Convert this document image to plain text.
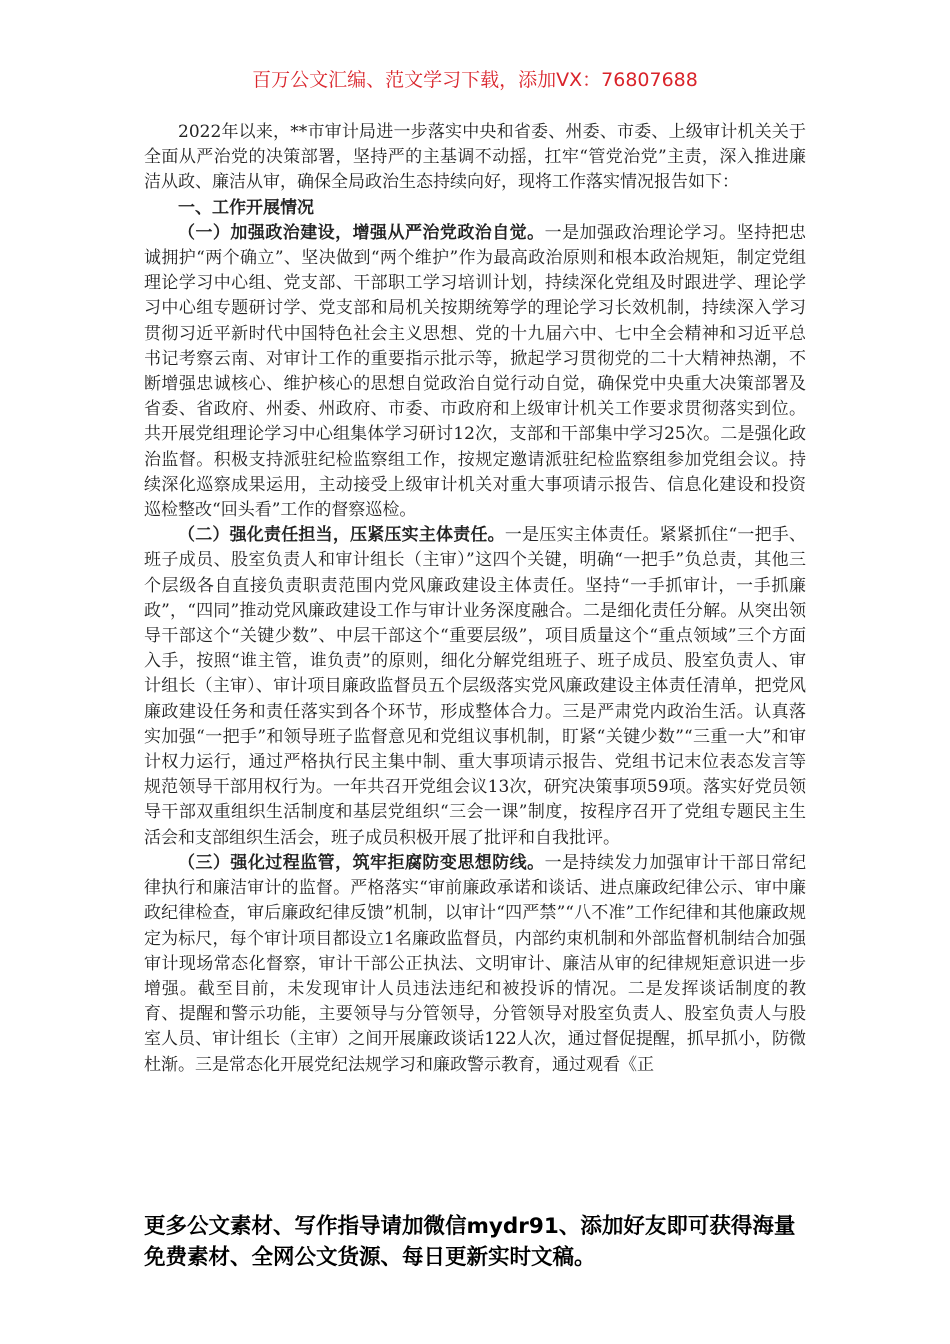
百万公文汇编、范文学习下载，添加VX：76807688

2022年以来，**市审计局进一步落实中央和省委、州委、市委、上级审计机关关于全面从严治党的决策部署，坚持严的主基调不动摇，扛牢“管党治党”主责，深入推进廉洁从政、廉洁从审，确保全局政治生态持续向好，现将工作落实情况报告如下：

一、工作开展情况

（一）加强政治建设，增强从严治党政治自觉。一是加强政治理论学习。坚持把忠诚拥护“两个确立”、坚决做到“两个维护”作为最高政治原则和根本政治规矩，制定党组理论学习中心组、党支部、干部职工学习培训计划，持续深化党组及时跟进学、理论学习中心组专题研讨学、党支部和局机关按期统筹学的理论学习长效机制，持续深入学习贯彻习近平新时代中国特色社会主义思想、党的十九届六中、七中全会精神和习近平总书记考察云南、对审计工作的重要指示批示等，掀起学习贯彻党的二十大精神热潮，不断增强忠诚核心、维护核心的思想自觉政治自觉行动自觉，确保党中央重大决策部署及省委、省政府、州委、州政府、市委、市政府和上级审计机关工作要求贯彻落实到位。共开展党组理论学习中心组集体学习研讨12次，支部和干部集中学习25次。二是强化政治监督。积极支持派驻纪检监察组工作，按规定邀请派驻纪检监察组参加党组会议。持续深化巡察成果运用，主动接受上级审计机关对重大事项请示报告、信息化建设和投资巡检整改“回头看”工作的督察巡检。

（二）强化责任担当，压紧压实主体责任。一是压实主体责任。紧紧抓住“一把手、班子成员、股室负责人和审计组长（主审）”这四个关键，明确“一把手”负总责，其他三个层级各自直接负责职责范围内党风廉政建设主体责任。坚持“一手抓审计，一手抓廉政”，“四同”推动党风廉政建设工作与审计业务深度融合。二是细化责任分解。从突出领导干部这个“关键少数”、中层干部这个“重要层级”，项目质量这个“重点领域”三个方面入手，按照“谁主管，谁负责”的原则，细化分解党组班子、班子成员、股室负责人、审计组长（主审）、审计项目廉政监督员五个层级落实党风廉政建设主体责任清单，把党风廉政建设任务和责任落实到各个环节，形成整体合力。三是严肃党内政治生活。认真落实加强“一把手”和领导班子监督意见和党组议事机制，盯紧“关键少数”“三重一大”和审计权力运行，通过严格执行民主集中制、重大事项请示报告、党组书记末位表态发言等规范领导干部用权行为。一年共召开党组会议13次，研究决策事项59项。落实好党员领导干部双重组织生活制度和基层党组织“三会一课”制度，按程序召开了党组专题民主生活会和支部组织生活会，班子成员积极开展了批评和自我批评。

（三）强化过程监管，筑牢拒腐防变思想防线。一是持续发力加强审计干部日常纪律执行和廉洁审计的监督。严格落实“审前廉政承诺和谈话、进点廉政纪律公示、审中廉政纪律检查，审后廉政纪律反馈”机制，以审计“四严禁”“八不准”工作纪律和其他廉政规定为标尺，每个审计项目都设立1名廉政监督员，内部约束机制和外部监督机制结合加强审计现场常态化督察，审计干部公正执法、文明审计、廉洁从审的纪律规矩意识进一步增强。截至目前，未发现审计人员违法违纪和被投诉的情况。二是发挥谈话制度的教育、提醒和警示功能，主要领导与分管领导，分管领导对股室负责人、股室负责人与股室人员、审计组长（主审）之间开展廉政谈话122人次，通过督促提醒，抓早抓小，防微杜渐。三是常态化开展党纪法规学习和廉政警示教育，通过观看《正

更多公文素材、写作指导请加微信mydr91、添加好友即可获得海量免费素材、全网公文货源、每日更新实时文稿。
